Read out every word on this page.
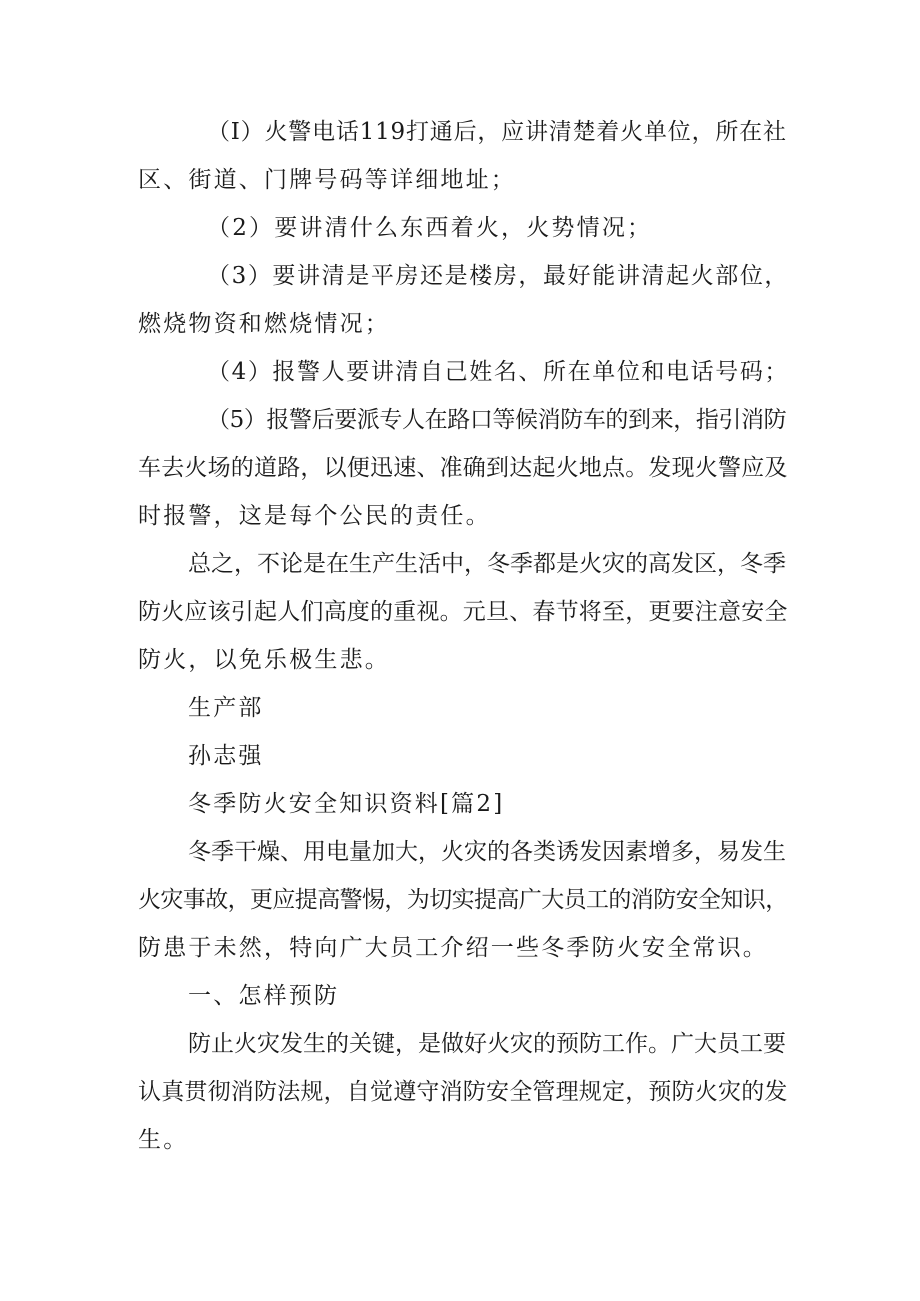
（I）火警电话119打通后，应讲清楚着火单位，所在社
区、街道、门牌号码等详细地址；
（2）要讲清什么东西着火，火势情况；
（3）要讲清是平房还是楼房，最好能讲清起火部位，
燃烧物资和燃烧情况；
（4）报警人要讲清自己姓名、所在单位和电话号码；
（5）报警后要派专人在路口等候消防车的到来，指引消防
车去火场的道路，以便迅速、准确到达起火地点。发现火警应及
时报警，这是每个公民的责任。
总之，不论是在生产生活中，冬季都是火灾的高发区，冬季
防火应该引起人们高度的重视。元旦、春节将至，更要注意安全
防火，以免乐极生悲。
生产部
孙志强
冬季防火安全知识资料[篇2]
冬季干燥、用电量加大，火灾的各类诱发因素增多，易发生
火灾事故，更应提高警惕，为切实提高广大员工的消防安全知识，
防患于未然，特向广大员工介绍一些冬季防火安全常识。
一、怎样预防
防止火灾发生的关键，是做好火灾的预防工作。广大员工要
认真贯彻消防法规，自觉遵守消防安全管理规定，预防火灾的发
生。
